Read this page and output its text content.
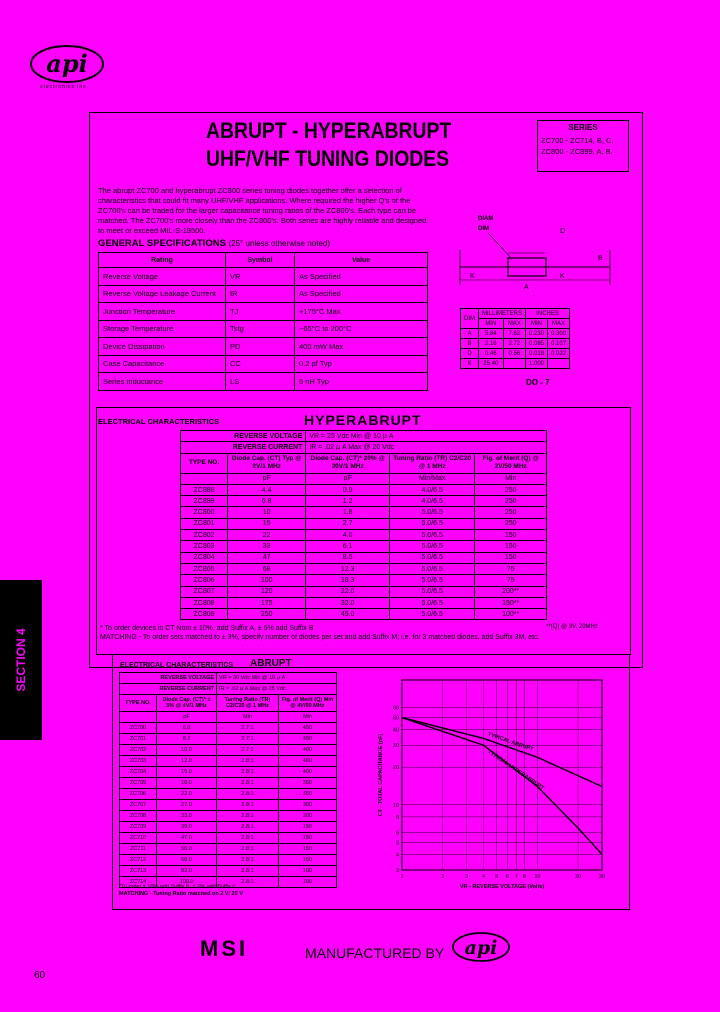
api
electronics inc.
ABRUPT - HYPERABRUPT
UHF/VHF TUNING DIODES
SERIES
ZC700 - ZC714, B, C,
ZC800 - ZC899, A, B.
The abrupt ZC700 and hyperabrupt ZC800 series tuning diodes together offer a selection of characteristics that could fit many UHF/VHF applications. Where required the higher Q's of the ZC700's can be traded for the larger capacitance tuning ratios of the ZC800's. Each type can be matched. The ZC700's more closely than the ZC800's. Both series are highly reliable and designed to meet or exceed MIL-S-19500.
GENERAL SPECIFICATIONS (25° unless otherwise noted)
Rating	Symbol	Value
Reverse Voltage	VR	As Specified
Reverse Voltage Leakage Current	IR	As Specified
Junction Temperature	TJ	+175°C Max
Storage Temperature	Tstg	−65°C to 200°C
Device Dissipation	PD	400 mW Max
Case Capacitance	CC	0.2 pf Typ
Series Inductance	LS	5 nH Typ
DIAM
DIM
K	K
A
D
B
DIM	MILLIMETERS		INCHES	
	MIN	MAX	MIN	MAX
A	5.84	7.62	0.230	0.300
B	2.16	2.72	0.085	0.107
D	0.46	0.56	0.018	0.022
K	25.40		1.000	
DO - 7
SECTION 4
ELECTRICAL CHARACTERISTICS	HYPERABRUPT
REVERSE VOLTAGE		VR = 25 Vdc Min @ 10 μ A		
REVERSE CURRENT		IR = .02 μ A Max @ 20 Vdc		
TYPE NO.	Diode Cap. (CT) Typ @ 2V/1 MHz	Diode Cap. (CT)* 20% @ 20V/1 MHz	Tuning Ratio (TR) C2/C20 @ 1 MHz	Fig. of Merit (Q) @ 2V/50 MHz
	pF	pF	Min/Max	Min
ZC888	4.4	0.9	4.0/6.5	250
ZC899	6.8	1.2	4.0/6.5	250
ZC800	10	1.8	5.0/6.5	250
ZC801	15	2.7	5.0/6.5	250
ZC802	22	4.0	5.0/6.5	150
ZC803	33	6.1	5.0/6.5	150
ZC804	47	8.5	5.0/6.5	150
ZC805	68	12.3	5.0/6.5	75
ZC806	100	18.3	5.0/6.5	75
ZC807	120	22.0	5.0/6.5	200**
ZC808	175	32.0	5.0/6.5	150**
ZC809	250	45.0	5.0/6.5	100**
**(Q) @ 3V, 20MHz
* To order devices in CT Nom ± 10%, add Suffix A, ± 5% add Suffix B
MATCHING - To order sets matched to ± 3%, specify number of diodes per set and add Suffix M; i.e. for 3 matched diodes, add Suffix 3M, etc.
ELECTRICAL CHARACTERISTICS ABRUPT
REVERSE VOLTAGE		VR = 30 Vdc Min @ 10 μ A	
REVERSE CURRENT		IR = .02 μ A Max @ 25 Vdc	
TYPE NO.	Diode Cap. (CT)* ± 5% @ 4V/1 MHz	Tuning Ratio (TR) C2/C20 @ 1 MHz	Fig. of Merit (Q) Min @ 4V/50 MHz
	pF	Min	Min
ZC700	6.8	2.7:1	450
ZC701	8.2	2.7:1	450
ZC702	10.0	2.7:1	400
ZC703	12.0	2.8:1	400
ZC704	15.0	2.8:1	400
ZC705	18.0	2.8:1	350
ZC706	22.0	2.8:1	350
ZC707	27.0	2.8:1	300
ZC708	33.0	2.8:1	200
ZC709	39.0	2.8:1	150
ZC710	47.0	2.8:1	150
ZC711	56.0	2.8:1	150
ZC712	68.0	2.8:1	150
ZC713	82.0	2.8:1	100
ZC714	100.0	2.8:1	100
*To order ± 10% add Suffix B, ± 2% add Suffix C
MATCHING - Tuning Ratio matched on 2 V; 20 V
1	2	3	4 5 6 7 8 10	20	30
3
4
5
6
8
10
20
30
40
50
60
VR - REVERSE VOLTAGE (Volts)
CT - TOTAL CAPACITANCE (pF)	TYPICAL ABRUPT
TYPICAL HYPERABRUPT
MSI	MANUFACTURED BY api
60
